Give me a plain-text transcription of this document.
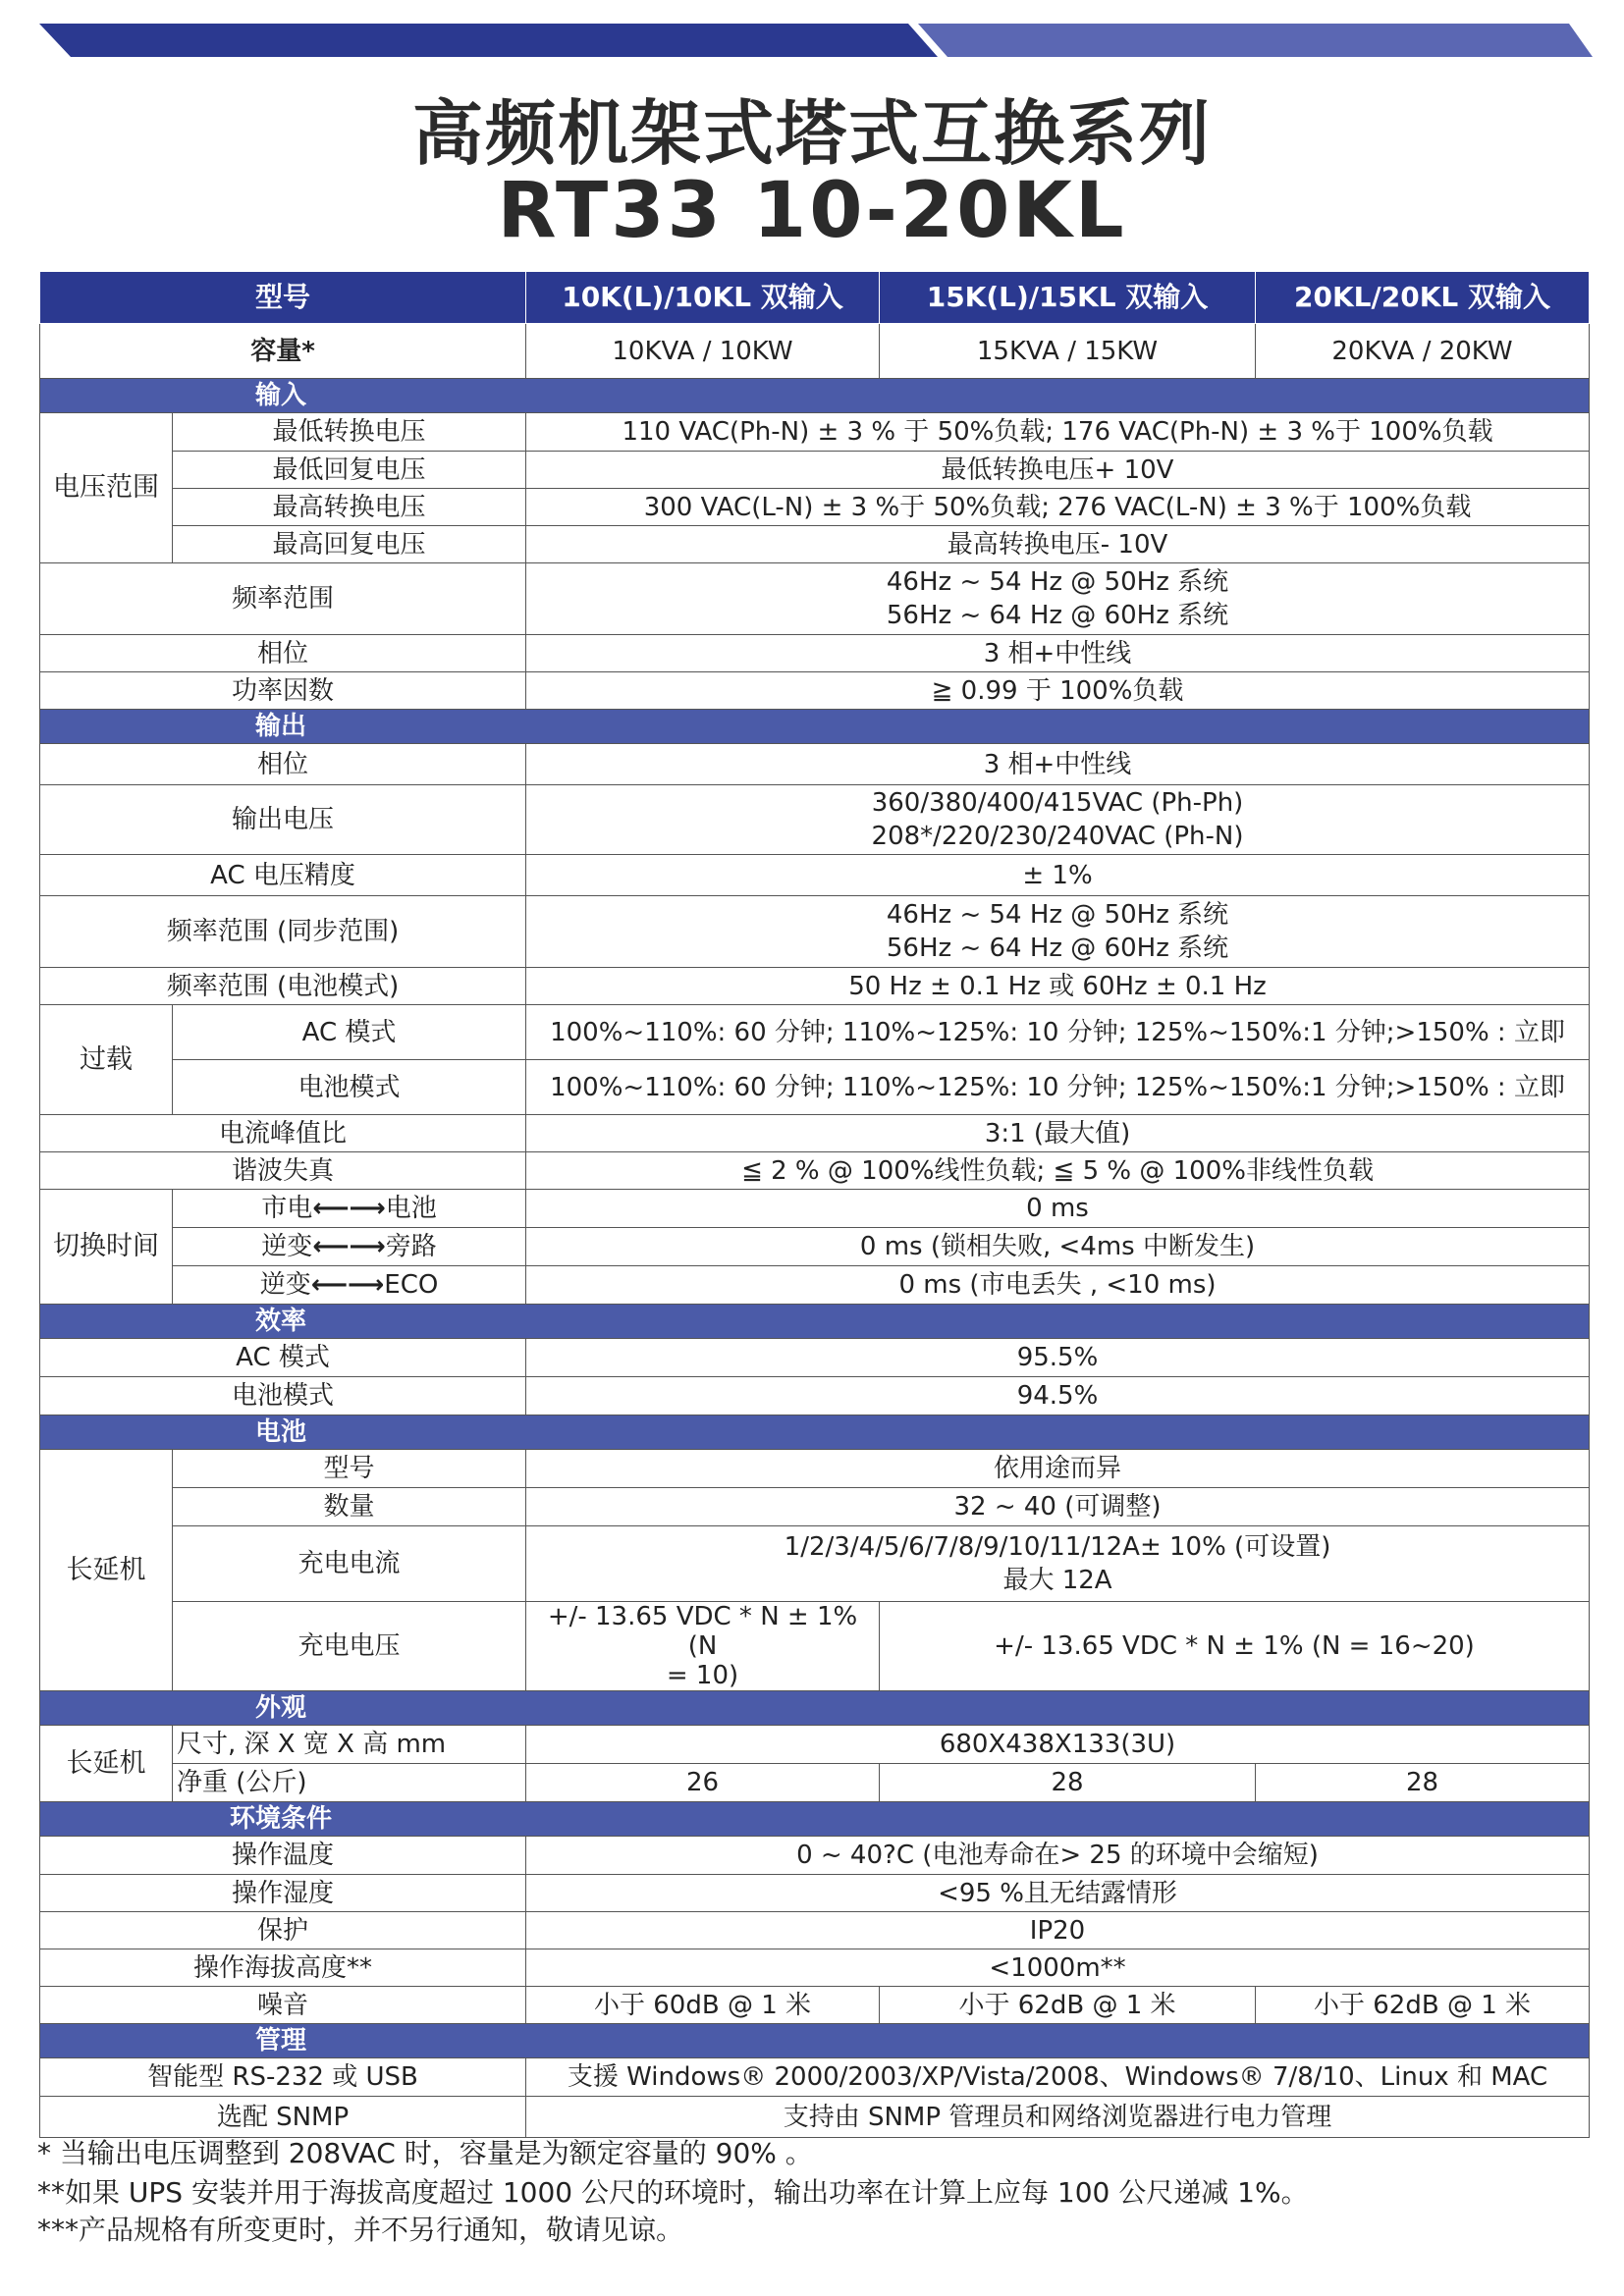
高频机架式塔式互换系列
RT33 10-20KL
型号		10K(L)/10KL 双输入	15K(L)/15KL 双输入	20KL/20KL 双输入
容量*		10KVA / 10KW	15KVA / 15KW	20KVA / 20KW

输入				

电压范围	最低转换电压	110 VAC(Ph-N) ± 3 % 于 50%负载; 176 VAC(Ph-N) ± 3 %于 100%负载		
	最低回复电压	最低转换电压+ 10V		
	最高转换电压	300 VAC(L-N) ± 3 %于 50%负载; 276 VAC(L-N) ± 3 %于 100%负载		
	最高回复电压	最高转换电压- 10V		
频率范围		46Hz ~ 54 Hz @ 50Hz 系统
56Hz ~ 64 Hz @ 60Hz 系统		

相位		3 相+中性线		
功率因数		≧ 0.99 于 100%负载		

输出				

相位		3 相+中性线		
输出电压		360/380/400/415VAC (Ph-Ph)
208*/220/230/240VAC (Ph-N)		

AC 电压精度		± 1%		
频率范围 (同步范围)		46Hz ~ 54 Hz @ 50Hz 系统
56Hz ~ 64 Hz @ 60Hz 系统		

频率范围 (电池模式)		50 Hz ± 0.1 Hz 或 60Hz ± 0.1 Hz		
过载	AC 模式	100%~110%: 60 分钟; 110%~125%: 10 分钟; 125%~150%:1 分钟;>150% : 立即		
	电池模式	100%~110%: 60 分钟; 110%~125%: 10 分钟; 125%~150%:1 分钟;>150% : 立即		
电流峰值比		3:1 (最大值)		
谐波失真		≦ 2 % @ 100%线性负载; ≦ 5 % @ 100%非线性负载		
切换时间	市电⟵⟶电池	0 ms		
	逆变⟵⟶旁路	0 ms (锁相失败, <4ms 中断发生)		
	逆变⟵⟶ECO	0 ms (市电丢失 , <10 ms)		

效率				

AC 模式		95.5%		
电池模式		94.5%		

电池				

长延机	型号	依用途而异		
	数量	32 ~ 40 (可调整)		
	充电电流	1/2/3/4/5/6/7/8/9/10/11/12A± 10% (可设置)
最大 12A		

	充电电压	+/- 13.65 VDC * N ± 1% (N
= 10)	+/- 13.65 VDC * N ± 1% (N = 16~20)	

外观				

长延机	尺寸, 深 X 宽 X 高 mm	680X438X133(3U)		
	净重 (公斤)	26	28	28

环境条件				

操作温度		0 ~ 40?C (电池寿命在> 25 的环境中会缩短)		
操作湿度		<95 %且无结露情形		
保护		IP20		
操作海拔高度**		<1000m**		
噪音		小于 60dB @ 1 米	小于 62dB @ 1 米	小于 62dB @ 1 米

管理				

智能型 RS-232 或 USB		支援 Windows® 2000/2003/XP/Vista/2008、Windows® 7/8/10、Linux 和 MAC		
选配 SNMP		支持由 SNMP 管理员和网络浏览器进行电力管理		
* 当输出电压调整到 208VAC 时，容量是为额定容量的 90% 。
**如果 UPS 安装并用于海拔高度超过 1000 公尺的环境时，输出功率在计算上应每 100 公尺递减 1%。
***产品规格有所变更时，并不另行通知，敬请见谅。
